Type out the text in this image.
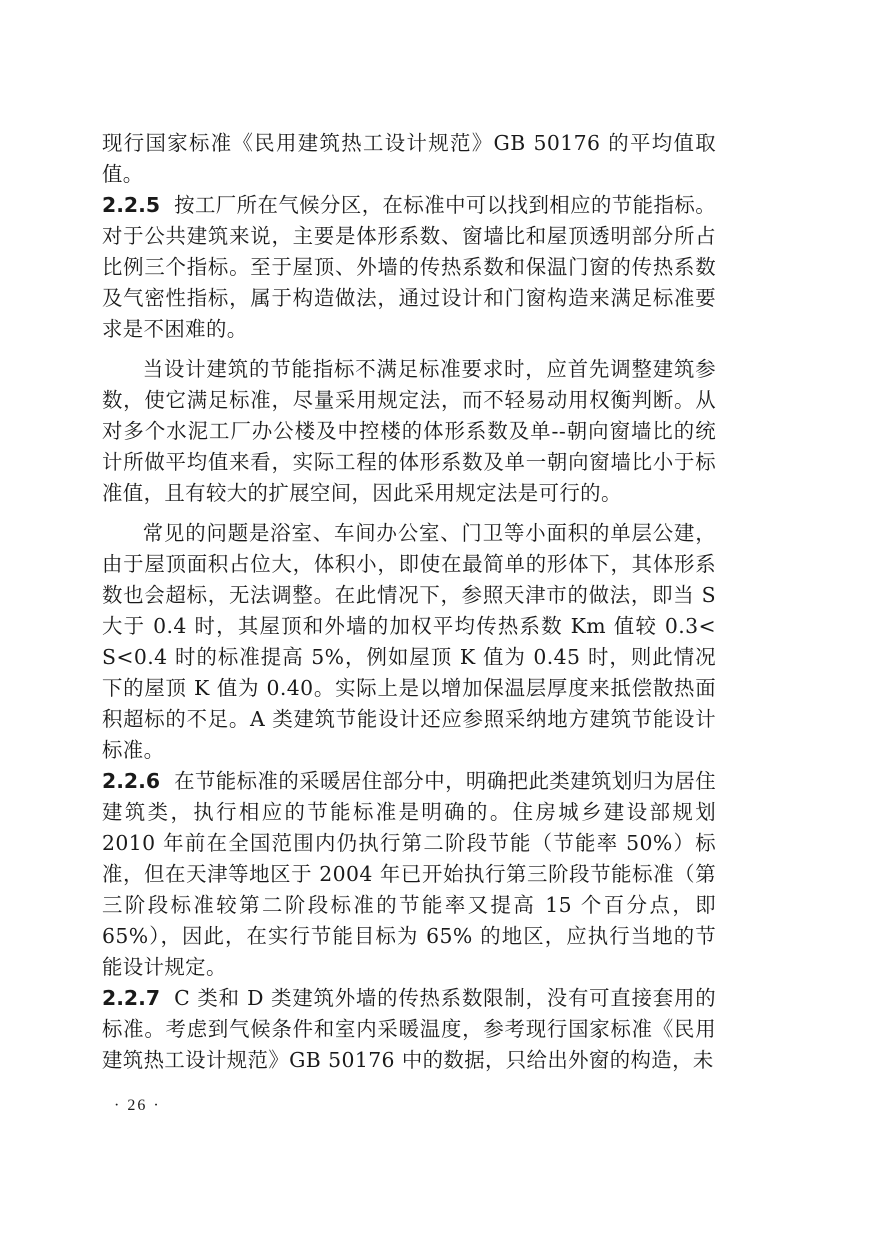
现行国家标准《民用建筑热工设计规范》GB 50176 的平均值取值。

2.2.5 按工厂所在气候分区，在标准中可以找到相应的节能指标。对于公共建筑来说，主要是体形系数、窗墙比和屋顶透明部分所占比例三个指标。至于屋顶、外墙的传热系数和保温门窗的传热系数及气密性指标，属于构造做法，通过设计和门窗构造来满足标准要求是不困难的。

当设计建筑的节能指标不满足标准要求时，应首先调整建筑参数，使它满足标准，尽量采用规定法，而不轻易动用权衡判断。从对多个水泥工厂办公楼及中控楼的体形系数及单--朝向窗墙比的统计所做平均值来看，实际工程的体形系数及单一朝向窗墙比小于标准值，且有较大的扩展空间，因此采用规定法是可行的。

常见的问题是浴室、车间办公室、门卫等小面积的单层公建，由于屋顶面积占位大，体积小，即使在最简单的形体下，其体形系数也会超标，无法调整。在此情况下，参照天津市的做法，即当 S 大于 0.4 时，其屋顶和外墙的加权平均传热系数 Km 值较 0.3< S<0.4 时的标准提高 5%，例如屋顶 K 值为 0.45 时，则此情况下的屋顶 K 值为 0.40。实际上是以增加保温层厚度来抵偿散热面积超标的不足。A 类建筑节能设计还应参照采纳地方建筑节能设计标准。

2.2.6 在节能标准的采暖居住部分中，明确把此类建筑划归为居住建筑类，执行相应的节能标准是明确的。住房城乡建设部规划 2010 年前在全国范围内仍执行第二阶段节能（节能率 50%）标准，但在天津等地区于 2004 年已开始执行第三阶段节能标准（第三阶段标准较第二阶段标准的节能率又提高 15 个百分点，即 65%），因此，在实行节能目标为 65% 的地区，应执行当地的节能设计规定。

2.2.7 C 类和 D 类建筑外墙的传热系数限制，没有可直接套用的标准。考虑到气候条件和室内采暖温度，参考现行国家标准《民用建筑热工设计规范》GB 50176 中的数据，只给出外窗的构造，未

· 26 ·
